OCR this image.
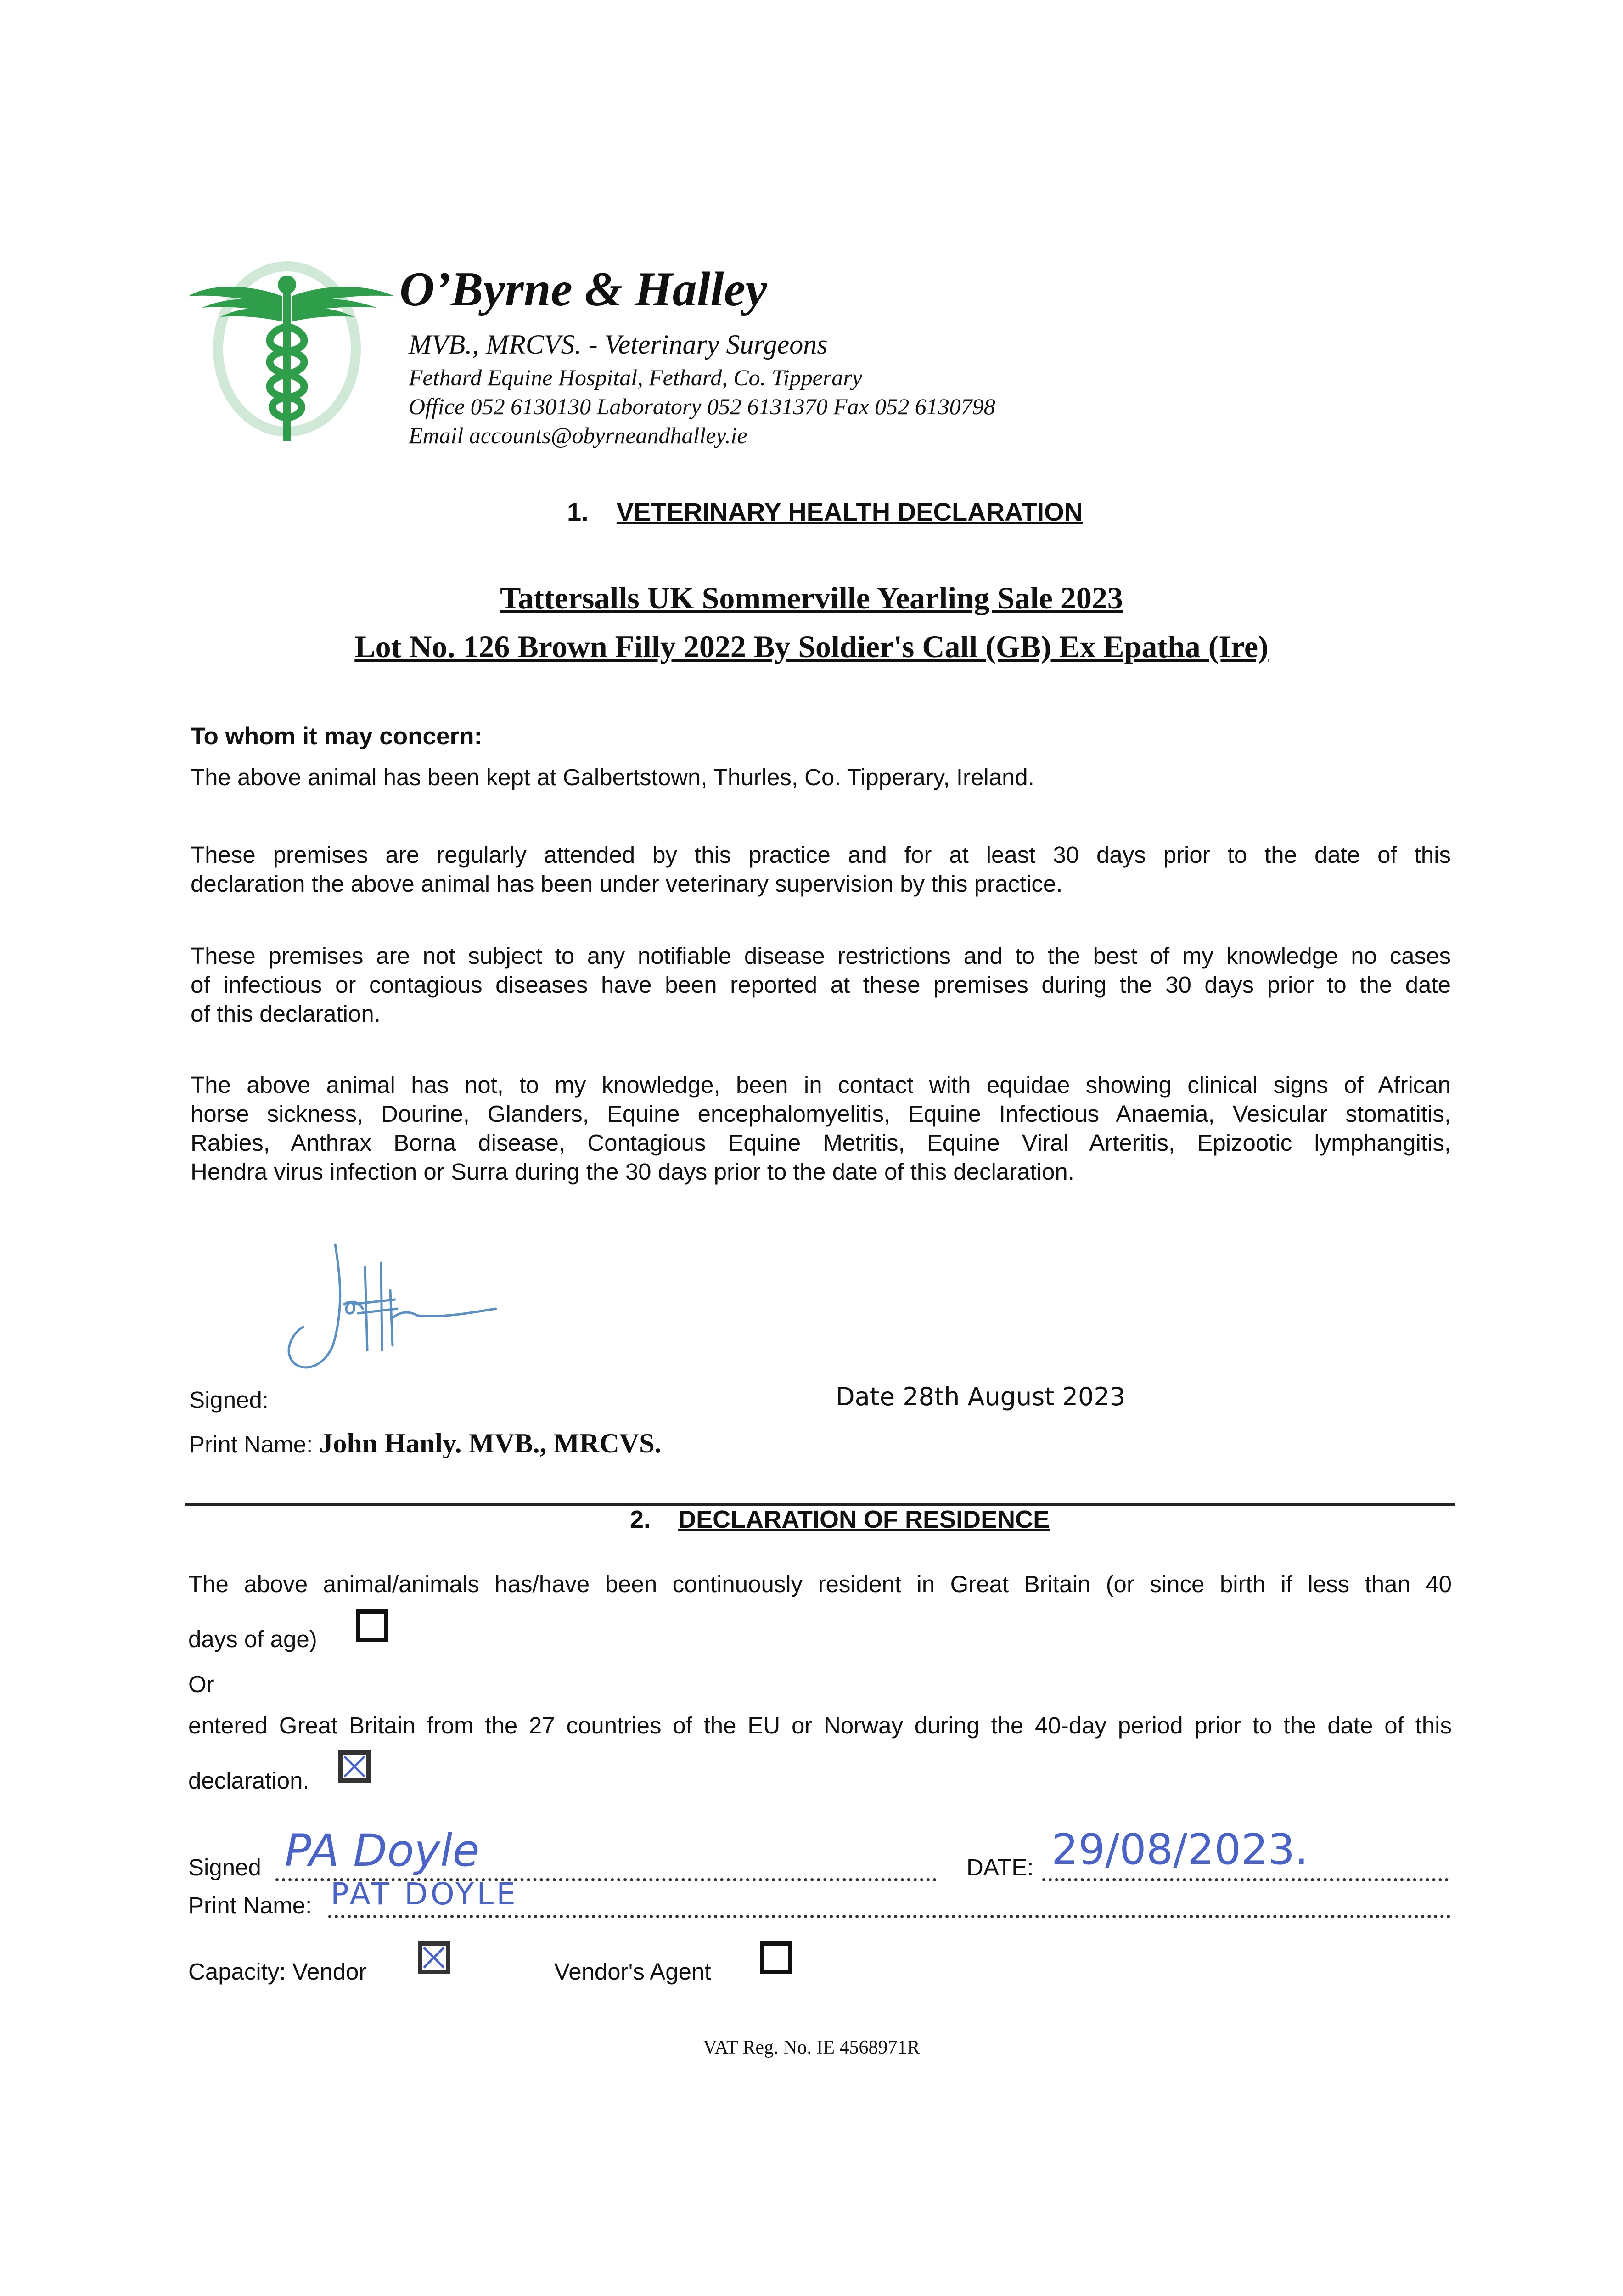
O’Byrne & Halley
MVB., MRCVS. - Veterinary Surgeons
Fethard Equine Hospital, Fethard, Co. Tipperary
Office 052 6130130 Laboratory 052 6131370 Fax 052 6130798
Email accounts@obyrneandhalley.ie
1. VETERINARY HEALTH DECLARATION
Tattersalls UK Sommerville Yearling Sale 2023
Lot No. 126 Brown Filly 2022 By Soldier's Call (GB) Ex Epatha (Ire)
To whom it may concern:
The above animal has been kept at Galbertstown, Thurles, Co. Tipperary, Ireland.
These premises are regularly attended by this practice and for at least 30 days prior to the date of this
declaration the above animal has been under veterinary supervision by this practice.
These premises are not subject to any notifiable disease restrictions and to the best of my knowledge no cases
of infectious or contagious diseases have been reported at these premises during the 30 days prior to the date
of this declaration.
The above animal has not, to my knowledge, been in contact with equidae showing clinical signs of African
horse sickness, Dourine, Glanders, Equine encephalomyelitis, Equine Infectious Anaemia, Vesicular stomatitis,
Rabies, Anthrax Borna disease, Contagious Equine Metritis, Equine Viral Arteritis, Epizootic lymphangitis,
Hendra virus infection or Surra during the 30 days prior to the date of this declaration.
Signed:	Date 28th August 2023
Print Name: John Hanly. MVB., MRCVS.
2. DECLARATION OF RESIDENCE
The above animal/animals has/have been continuously resident in Great Britain (or since birth if less than 40
days of age)
Or
entered Great Britain from the 27 countries of the EU or Norway during the 40-day period prior to the date of this
declaration.
Signed PA Doyle	DATE: 29/08/2023.
Print Name: PAT DOYLE
Capacity: Vendor	Vendor's Agent
VAT Reg. No. IE 4568971R
